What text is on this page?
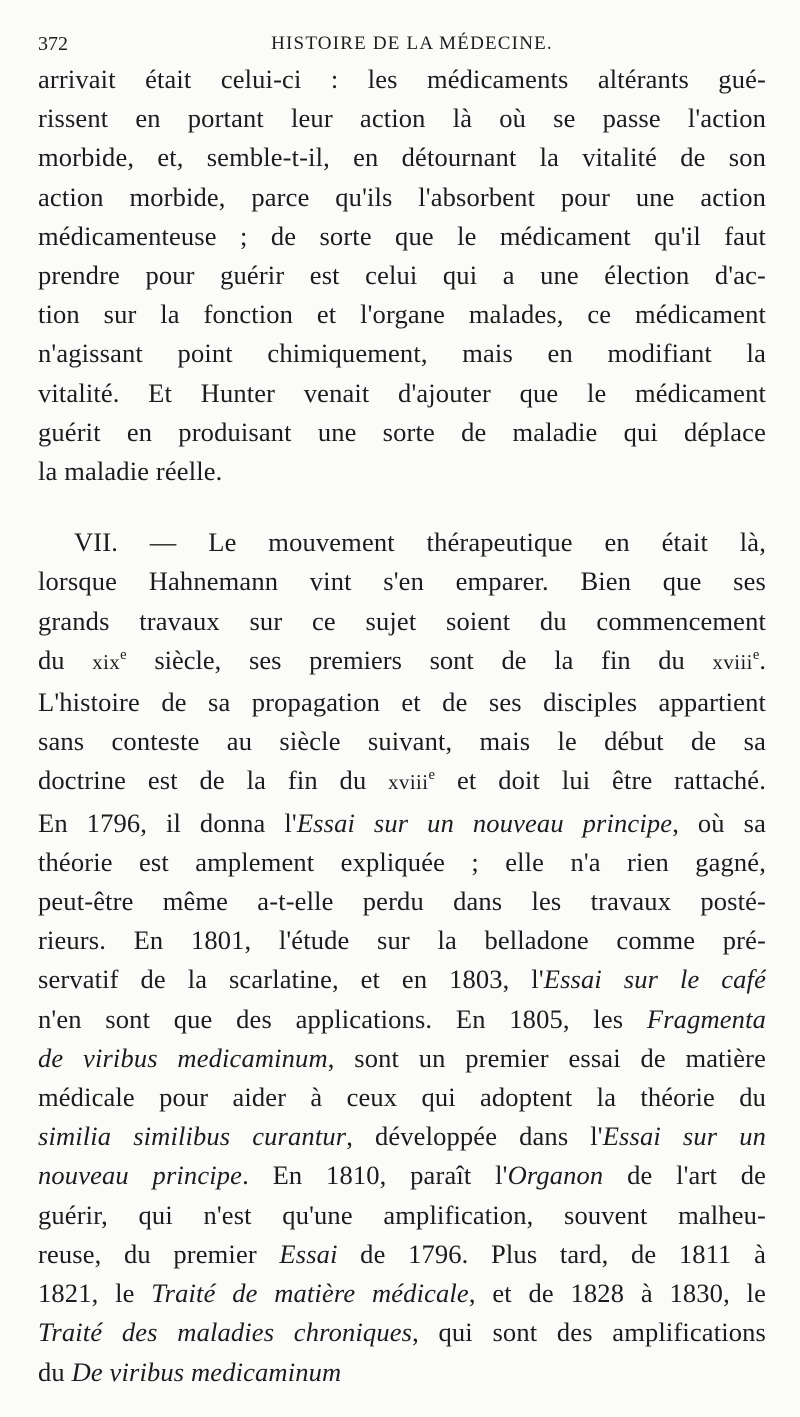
372	HISTOIRE DE LA MÉDECINE.
arrivait était celui-ci : les médicaments altérants gué-
rissent en portant leur action là où se passe l'action
morbide, et, semble-t-il, en détournant la vitalité de son
action morbide, parce qu'ils l'absorbent pour une action
médicamenteuse ; de sorte que le médicament qu'il faut
prendre pour guérir est celui qui a une élection d'ac-
tion sur la fonction et l'organe malades, ce médicament
n'agissant point chimiquement, mais en modifiant la
vitalité. Et Hunter venait d'ajouter que le médicament
guérit en produisant une sorte de maladie qui déplace
la maladie réelle.
VII. — Le mouvement thérapeutique en était là,
lorsque Hahnemann vint s'en emparer. Bien que ses
grands travaux sur ce sujet soient du commencement
du xix$^e$ siècle, ses premiers sont de la fin du xviii$^e$.
L'histoire de sa propagation et de ses disciples appartient
sans conteste au siècle suivant, mais le début de sa
doctrine est de la fin du xviii$^e$ et doit lui être rattaché.
En 1796, il donna l'Essai sur un nouveau principe, où sa
théorie est amplement expliquée ; elle n'a rien gagné,
peut-être même a-t-elle perdu dans les travaux posté-
rieurs. En 1801, l'étude sur la belladone comme pré-
servatif de la scarlatine, et en 1803, l'Essai sur le café
n'en sont que des applications. En 1805, les Fragmenta
de viribus medicaminum, sont un premier essai de matière
médicale pour aider à ceux qui adoptent la théorie du
similia similibus curantur, développée dans l'Essai sur un
nouveau principe. En 1810, paraît l'Organon de l'art de
guérir, qui n'est qu'une amplification, souvent malheu-
reuse, du premier Essai de 1796. Plus tard, de 1811 à
1821, le Traité de matière médicale, et de 1828 à 1830, le
Traité des maladies chroniques, qui sont des amplifications
du De viribus medicaminum
